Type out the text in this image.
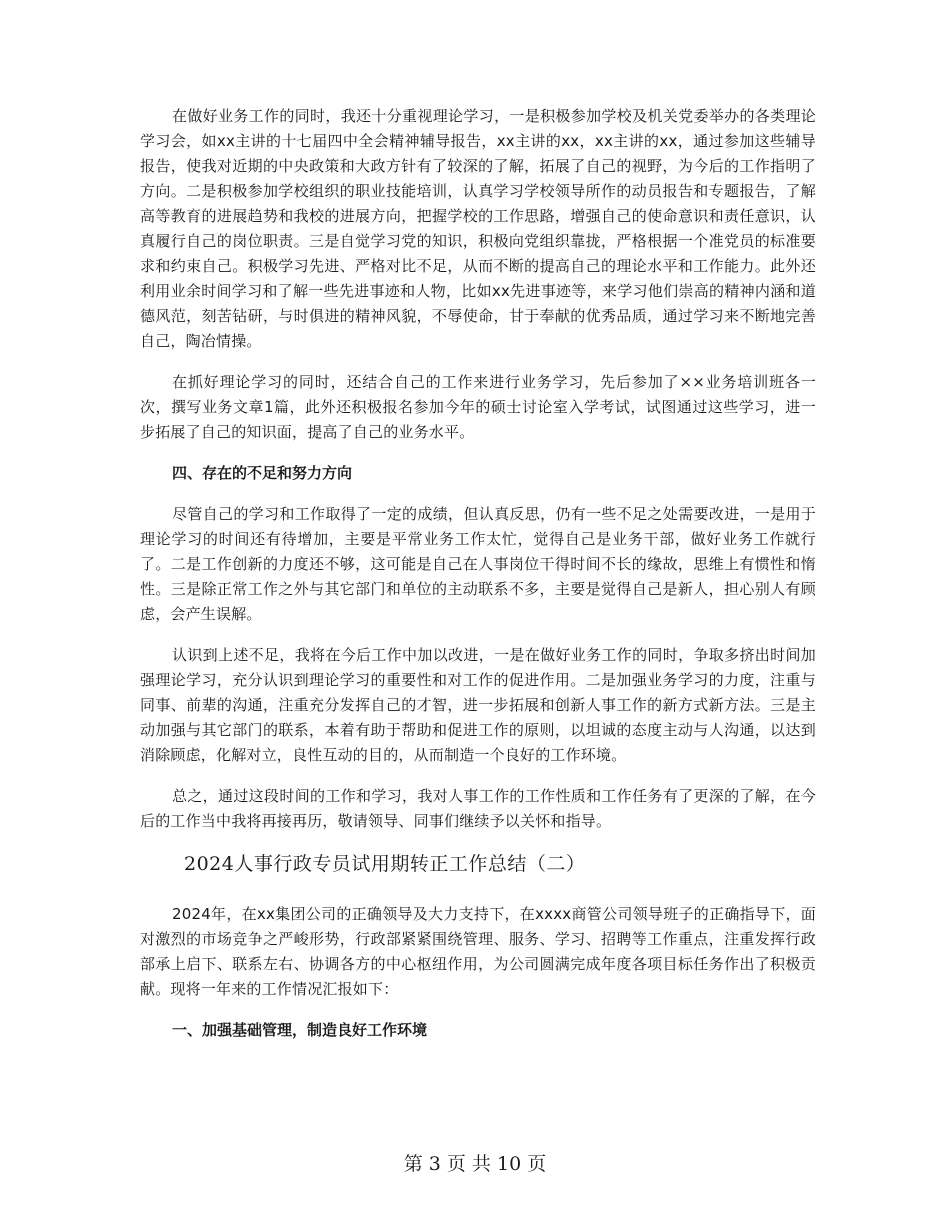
在做好业务工作的同时，我还十分重视理论学习，一是积极参加学校及机关党委举办的各类理论学习会，如xx主讲的十七届四中全会精神辅导报告，xx主讲的xx，xx主讲的xx，通过参加这些辅导报告，使我对近期的中央政策和大政方针有了较深的了解，拓展了自己的视野，为今后的工作指明了方向。二是积极参加学校组织的职业技能培训，认真学习学校领导所作的动员报告和专题报告，了解高等教育的进展趋势和我校的进展方向，把握学校的工作思路，增强自己的使命意识和责任意识，认真履行自己的岗位职责。三是自觉学习党的知识，积极向党组织靠拢，严格根据一个准党员的标准要求和约束自己。积极学习先进、严格对比不足，从而不断的提高自己的理论水平和工作能力。此外还利用业余时间学习和了解一些先进事迹和人物，比如xx先进事迹等，来学习他们崇高的精神内涵和道德风范，刻苦钻研，与时俱进的精神风貌，不辱使命，甘于奉献的优秀品质，通过学习来不断地完善自己，陶冶情操。

在抓好理论学习的同时，还结合自己的工作来进行业务学习，先后参加了××业务培训班各一次，撰写业务文章1篇，此外还积极报名参加今年的硕士讨论室入学考试，试图通过这些学习，进一步拓展了自己的知识面，提高了自己的业务水平。

四、存在的不足和努力方向

尽管自己的学习和工作取得了一定的成绩，但认真反思，仍有一些不足之处需要改进，一是用于理论学习的时间还有待增加，主要是平常业务工作太忙，觉得自己是业务干部，做好业务工作就行了。二是工作创新的力度还不够，这可能是自己在人事岗位干得时间不长的缘故，思维上有惯性和惰性。三是除正常工作之外与其它部门和单位的主动联系不多，主要是觉得自己是新人，担心别人有顾虑，会产生误解。

认识到上述不足，我将在今后工作中加以改进，一是在做好业务工作的同时，争取多挤出时间加强理论学习，充分认识到理论学习的重要性和对工作的促进作用。二是加强业务学习的力度，注重与同事、前辈的沟通，注重充分发挥自己的才智，进一步拓展和创新人事工作的新方式新方法。三是主动加强与其它部门的联系，本着有助于帮助和促进工作的原则，以坦诚的态度主动与人沟通，以达到消除顾虑，化解对立，良性互动的目的，从而制造一个良好的工作环境。

总之，通过这段时间的工作和学习，我对人事工作的工作性质和工作任务有了更深的了解，在今后的工作当中我将再接再历，敬请领导、同事们继续予以关怀和指导。

2024人事行政专员试用期转正工作总结（二）

2024年，在xx集团公司的正确领导及大力支持下，在xxxx商管公司领导班子的正确指导下，面对激烈的市场竞争之严峻形势，行政部紧紧围绕管理、服务、学习、招聘等工作重点，注重发挥行政部承上启下、联系左右、协调各方的中心枢纽作用，为公司圆满完成年度各项目标任务作出了积极贡献。现将一年来的工作情况汇报如下：

一、加强基础管理，制造良好工作环境

第 3 页 共 10 页
